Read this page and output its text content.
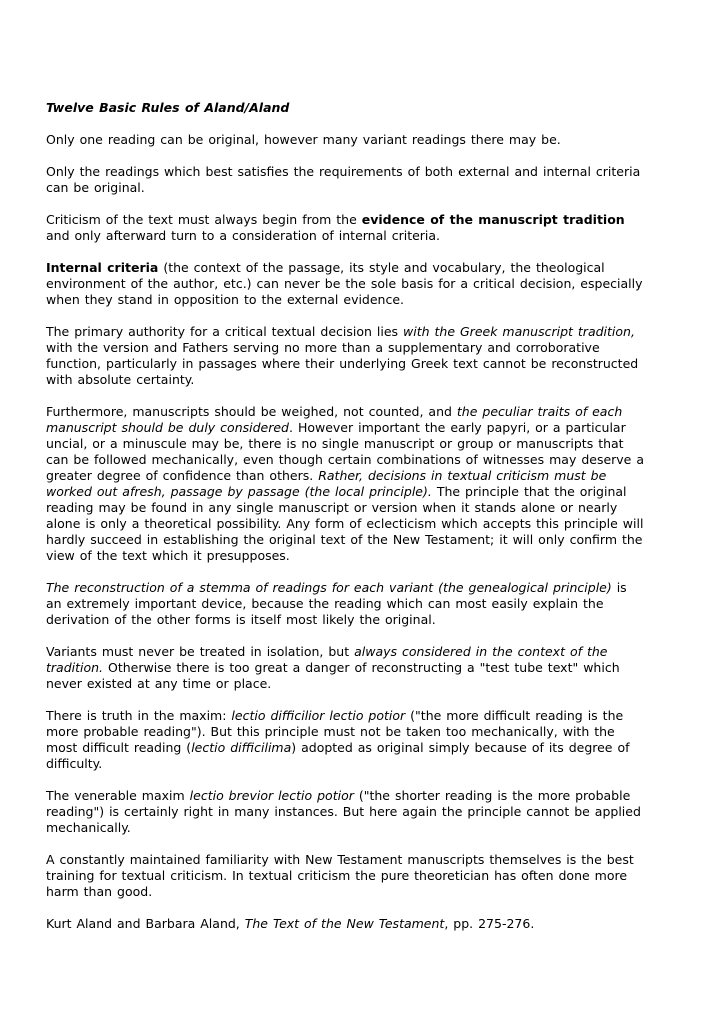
Twelve Basic Rules of Aland/Aland

Only one reading can be original, however many variant readings there may be.

Only the readings which best satisfies the requirements of both external and internal criteria can be original.

Criticism of the text must always begin from the evidence of the manuscript tradition and only afterward turn to a consideration of internal criteria.

Internal criteria (the context of the passage, its style and vocabulary, the theological environment of the author, etc.) can never be the sole basis for a critical decision, especially when they stand in opposition to the external evidence.

The primary authority for a critical textual decision lies with the Greek manuscript tradition, with the version and Fathers serving no more than a supplementary and corroborative function, particularly in passages where their underlying Greek text cannot be reconstructed with absolute certainty.

Furthermore, manuscripts should be weighed, not counted, and the peculiar traits of each manuscript should be duly considered. However important the early papyri, or a particular uncial, or a minuscule may be, there is no single manuscript or group or manuscripts that can be followed mechanically, even though certain combinations of witnesses may deserve a greater degree of confidence than others. Rather, decisions in textual criticism must be worked out afresh, passage by passage (the local principle). The principle that the original reading may be found in any single manuscript or version when it stands alone or nearly alone is only a theoretical possibility. Any form of eclecticism which accepts this principle will hardly succeed in establishing the original text of the New Testament; it will only confirm the view of the text which it presupposes.

The reconstruction of a stemma of readings for each variant (the genealogical principle) is an extremely important device, because the reading which can most easily explain the derivation of the other forms is itself most likely the original.

Variants must never be treated in isolation, but always considered in the context of the tradition. Otherwise there is too great a danger of reconstructing a "test tube text" which never existed at any time or place.

There is truth in the maxim: lectio difficilior lectio potior ("the more difficult reading is the more probable reading"). But this principle must not be taken too mechanically, with the most difficult reading (lectio difficilima) adopted as original simply because of its degree of difficulty.

The venerable maxim lectio brevior lectio potior ("the shorter reading is the more probable reading") is certainly right in many instances. But here again the principle cannot be applied mechanically.

A constantly maintained familiarity with New Testament manuscripts themselves is the best training for textual criticism. In textual criticism the pure theoretician has often done more harm than good.

Kurt Aland and Barbara Aland, The Text of the New Testament, pp. 275-276.
